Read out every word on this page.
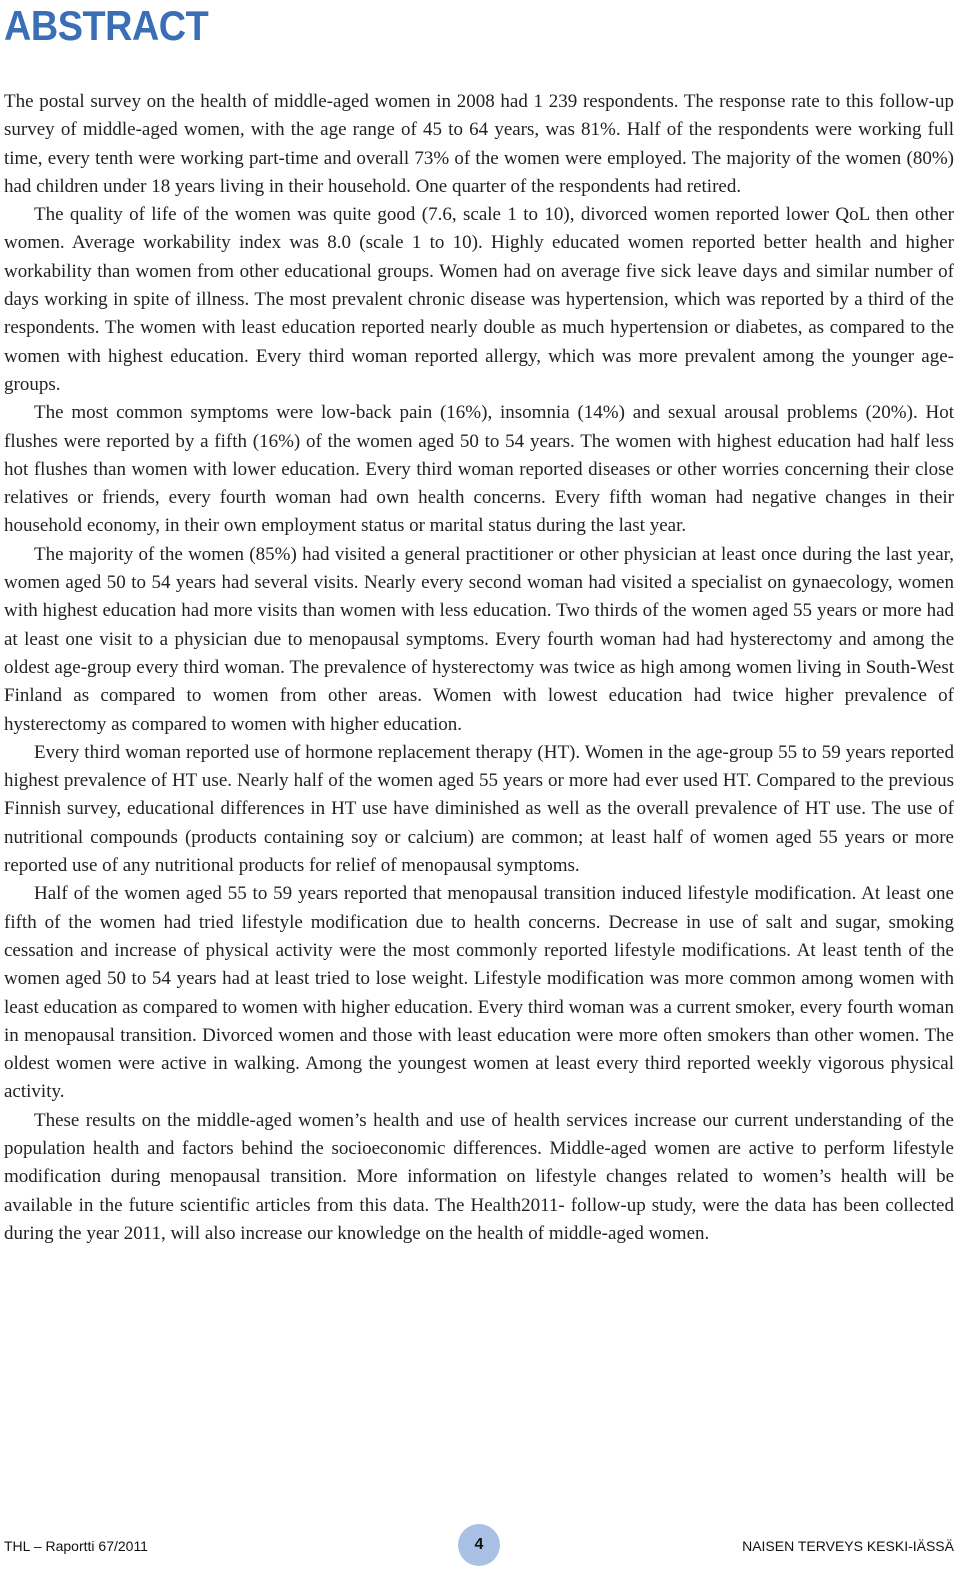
ABSTRACT

The postal survey on the health of middle-aged women in 2008 had 1 239 respondents. The response rate to this follow-up survey of middle-aged women, with the age range of 45 to 64 years, was 81%. Half of the respondents were working full time, every tenth were working part-time and overall 73% of the women were employed. The majority of the women (80%) had children under 18 years living in their household. One quarter of the respondents had retired.

The quality of life of the women was quite good (7.6, scale 1 to 10), divorced women reported lower QoL then other women. Average workability index was 8.0 (scale 1 to 10). Highly educated women reported better health and higher workability than women from other educational groups. Women had on average five sick leave days and similar number of days working in spite of illness. The most prevalent chronic disease was hypertension, which was reported by a third of the respondents. The women with least education reported nearly double as much hypertension or diabetes, as compared to the women with highest education. Every third woman reported allergy, which was more prevalent among the younger age-groups.

The most common symptoms were low-back pain (16%), insomnia (14%) and sexual arousal problems (20%). Hot flushes were reported by a fifth (16%) of the women aged 50 to 54 years. The women with highest education had half less hot flushes than women with lower education. Every third woman reported diseases or other worries concerning their close relatives or friends, every fourth woman had own health concerns. Every fifth woman had negative changes in their household economy, in their own employment status or marital status during the last year.

The majority of the women (85%) had visited a general practitioner or other physician at least once during the last year, women aged 50 to 54 years had several visits. Nearly every second woman had visited a specialist on gynaecology, women with highest education had more visits than women with less education. Two thirds of the women aged 55 years or more had at least one visit to a physician due to menopausal symptoms. Every fourth woman had had hysterectomy and among the oldest age-group every third woman. The prevalence of hysterectomy was twice as high among women living in South-West Finland as compared to women from other areas. Women with lowest education had twice higher prevalence of hysterectomy as compared to women with higher education.

Every third woman reported use of hormone replacement therapy (HT). Women in the age-group 55 to 59 years reported highest prevalence of HT use. Nearly half of the women aged 55 years or more had ever used HT. Compared to the previous Finnish survey, educational differences in HT use have diminished as well as the overall prevalence of HT use. The use of nutritional compounds (products containing soy or calcium) are common; at least half of women aged 55 years or more reported use of any nutritional products for relief of menopausal symptoms.

Half of the women aged 55 to 59 years reported that menopausal transition induced lifestyle modification. At least one fifth of the women had tried lifestyle modification due to health concerns. Decrease in use of salt and sugar, smoking cessation and increase of physical activity were the most commonly reported lifestyle modifications. At least tenth of the women aged 50 to 54 years had at least tried to lose weight. Lifestyle modification was more common among women with least education as compared to women with higher education. Every third woman was a current smoker, every fourth woman in menopausal transition. Divorced women and those with least education were more often smokers than other women. The oldest women were active in walking. Among the youngest women at least every third reported weekly vigorous physical activity.

These results on the middle-aged women’s health and use of health services increase our current understanding of the population health and factors behind the socioeconomic differences. Middle-aged women are active to perform lifestyle modification during menopausal transition. More information on lifestyle changes related to women’s health will be available in the future scientific articles from this data. The Health2011- follow-up study, were the data has been collected during the year 2011, will also increase our knowledge on the health of middle-aged women.

THL – Raportti 67/2011	4	NAISEN TERVEYS KESKI-IÄSSÄ
